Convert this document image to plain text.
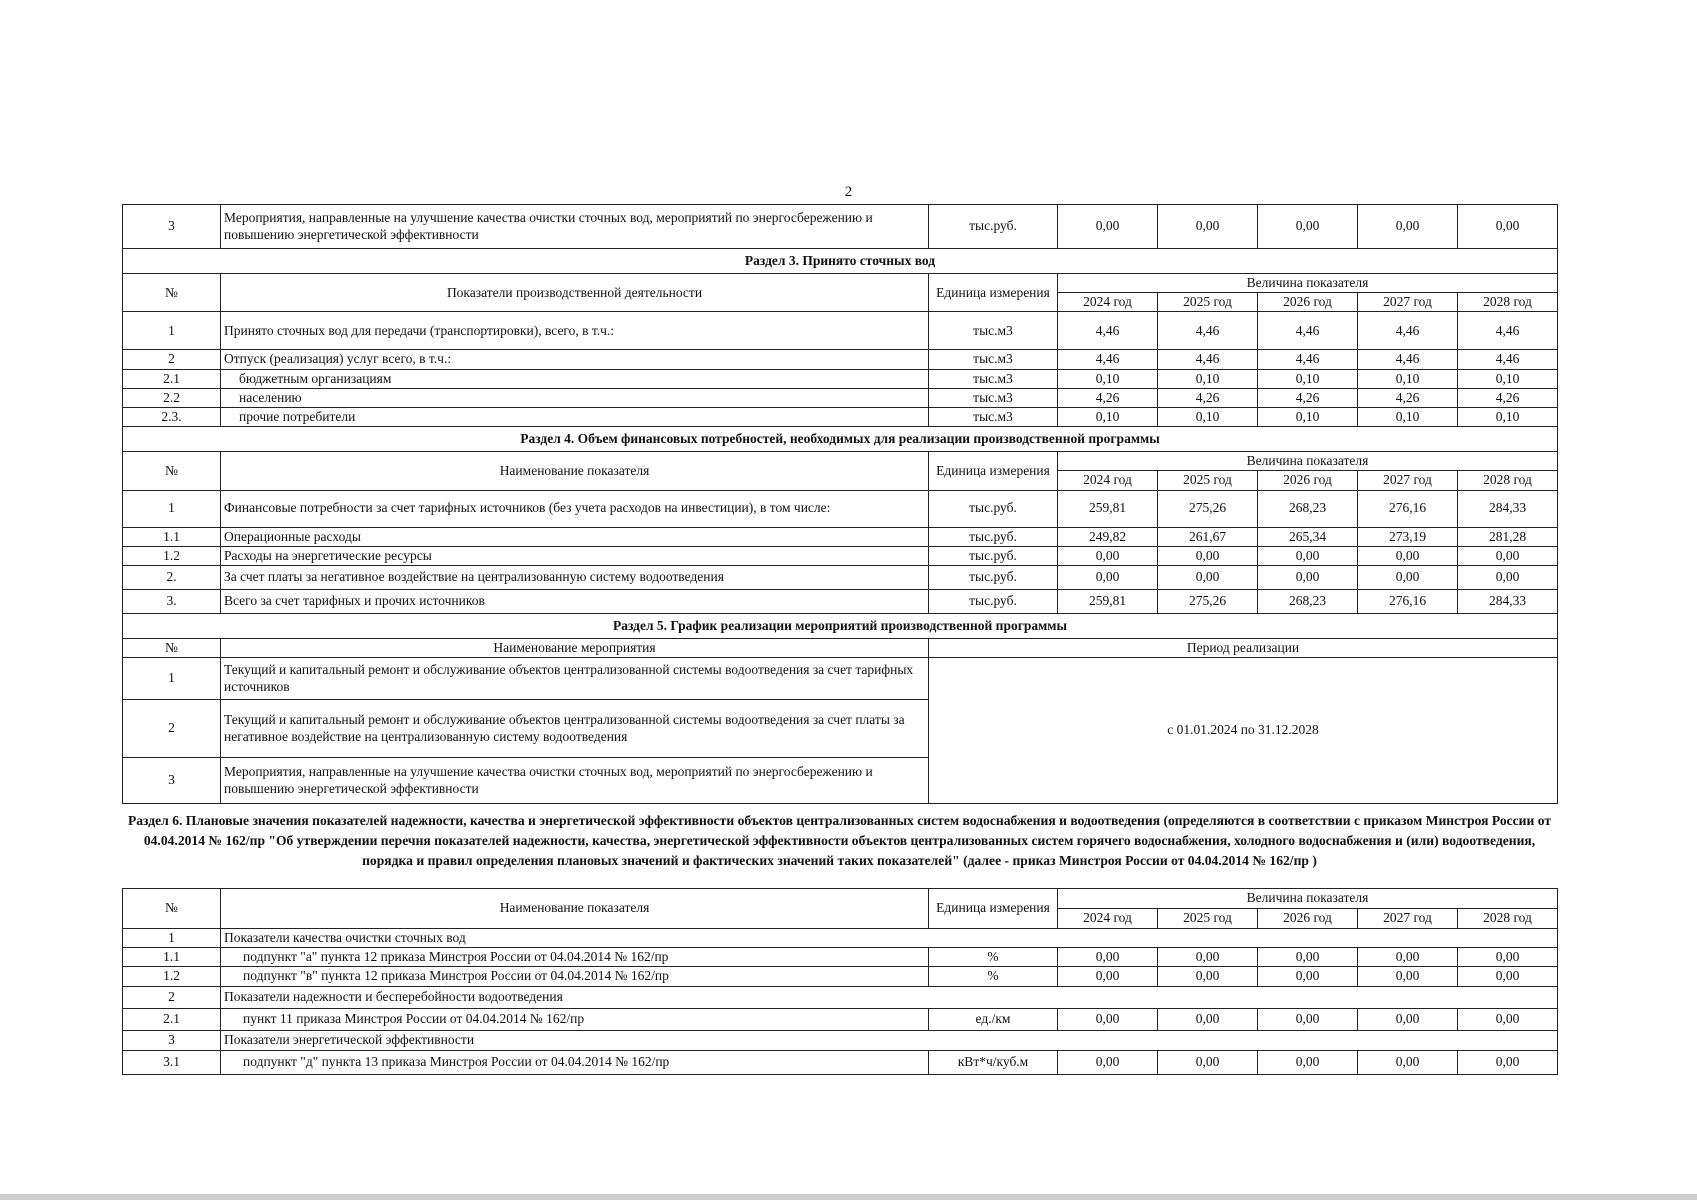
2
3	Мероприятия, направленные на улучшение качества очистки сточных вод, мероприятий по энергосбережению и повышению энергетической эффективности	тыс.руб.	0,00	0,00	0,00	0,00	0,00
Раздел 3. Принято сточных вод							
№	Показатели производственной деятельности	Единица измерения	Величина показателя				
			2024 год	2025 год	2026 год	2027 год	2028 год
1	Принято сточных вод для передачи (транспортировки), всего, в т.ч.:	тыс.м3	4,46	4,46	4,46	4,46	4,46
2	Отпуск (реализация) услуг всего, в т.ч.:	тыс.м3	4,46	4,46	4,46	4,46	4,46
2.1	бюджетным организациям	тыс.м3	0,10	0,10	0,10	0,10	0,10
2.2	населению	тыс.м3	4,26	4,26	4,26	4,26	4,26
2.3.	прочие потребители	тыс.м3	0,10	0,10	0,10	0,10	0,10
Раздел 4. Объем финансовых потребностей, необходимых для реализации производственной программы							
№	Наименование показателя	Единица измерения	Величина показателя				
			2024 год	2025 год	2026 год	2027 год	2028 год
1	Финансовые потребности за счет тарифных источников (без учета расходов на инвестиции), в том числе:	тыс.руб.	259,81	275,26	268,23	276,16	284,33
1.1	Операционные расходы	тыс.руб.	249,82	261,67	265,34	273,19	281,28
1.2	Расходы на энергетические ресурсы	тыс.руб.	0,00	0,00	0,00	0,00	0,00
2.	За счет платы за негативное воздействие на централизованную систему водоотведения	тыс.руб.	0,00	0,00	0,00	0,00	0,00
3.	Всего за счет тарифных и прочих источников	тыс.руб.	259,81	275,26	268,23	276,16	284,33
Раздел 5. График реализации мероприятий производственной программы							
№	Наименование мероприятия	Период реализации					
1	Текущий и капитальный ремонт и обслуживание объектов централизованной системы водоотведения за счет тарифных источников	с 01.01.2024 по 31.12.2028					
2	Текущий и капитальный ремонт и обслуживание объектов централизованной системы водоотведения за счет платы за негативное воздействие на централизованную систему водоотведения						
3	Мероприятия, направленные на улучшение качества очистки сточных вод, мероприятий по энергосбережению и повышению энергетической эффективности						
Раздел 6. Плановые значения показателей надежности, качества и энергетической эффективности объектов централизованных систем водоснабжения и водоотведения (определяются в соответствии с приказом Минстроя России от 04.04.2014 № 162/пр "Об утверждении перечня показателей надежности, качества, энергетической эффективности объектов централизованных систем горячего водоснабжения, холодного водоснабжения и (или) водоотведения, порядка и правил определения плановых значений и фактических значений таких показателей" (далее - приказ Минстроя России от 04.04.2014 № 162/пр )
№	Наименование показателя	Единица измерения	Величина показателя				
			2024 год	2025 год	2026 год	2027 год	2028 год
1	Показатели качества очистки сточных вод						
1.1	подпункт "а" пункта 12 приказа Минстроя России от 04.04.2014 № 162/пр	%	0,00	0,00	0,00	0,00	0,00
1.2	подпункт "в" пункта 12 приказа Минстроя России от 04.04.2014 № 162/пр	%	0,00	0,00	0,00	0,00	0,00
2	Показатели надежности и бесперебойности водоотведения						
2.1	пункт 11 приказа Минстроя России от 04.04.2014 № 162/пр	ед./км	0,00	0,00	0,00	0,00	0,00
3	Показатели энергетической эффективности						
3.1	подпункт "д" пункта 13 приказа Минстроя России от 04.04.2014 № 162/пр	кВт*ч/куб.м	0,00	0,00	0,00	0,00	0,00
